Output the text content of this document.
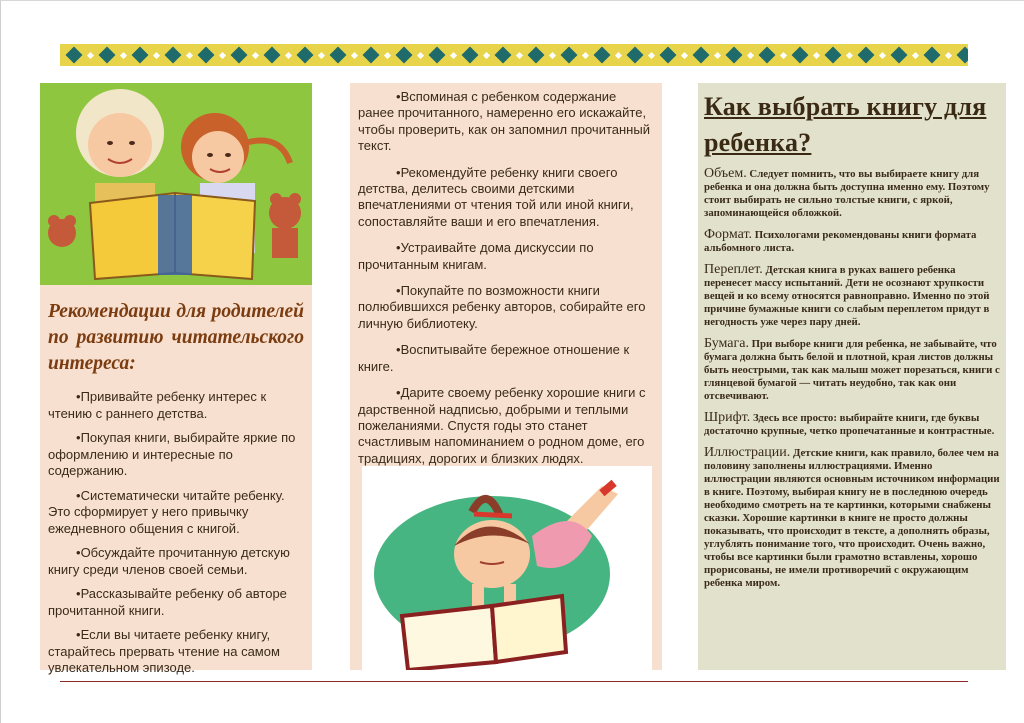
Рекомендации для родителей по развитию читательского интереса:

• Прививайте ребенку интерес к чтению с раннего детства.

• Покупая книги, выбирайте яркие по оформлению и интересные по содержанию.

• Систематически читайте ребенку. Это сформирует у него привычку ежедневного общения с книгой.

• Обсуждайте прочитанную детскую книгу среди членов своей семьи.

• Рассказывайте ребенку об авторе прочитанной книги.

• Если вы читаете ребенку книгу, старайтесь прервать чтение на самом увлекательном эпизоде.

• Вспоминая с ребенком содержание ранее прочитанного, намеренно его искажайте, чтобы проверить, как он запомнил прочитанный текст.

• Рекомендуйте ребенку книги своего детства, делитесь своими детскими впечатлениями от чтения той или иной книги, сопоставляйте ваши и его впечатления.

• Устраивайте дома дискуссии по прочитанным книгам.

• Покупайте по возможности книги полюбившихся ребенку авторов, собирайте его личную библиотеку.

• Воспитывайте бережное отношение к книге.

• Дарите своему ребенку хорошие книги с дарственной надписью, добрыми и теплыми пожеланиями. Спустя годы это станет счастливым напоминанием о родном доме, его традициях, дорогих и близких людях.

Как выбрать книгу для ребенка?
Объем. Следует помнить, что вы выбираете книгу для ребенка и она должна быть доступна именно ему. Поэтому стоит выбирать не сильно толстые книги, с яркой, запоминающейся обложкой.
Формат. Психологами рекомендованы книги формата альбомного листа.
Переплет. Детская книга в руках вашего ребенка перенесет массу испытаний. Дети не осознают хрупкости вещей и ко всему относятся равноправно. Именно по этой причине бумажные книги со слабым переплетом придут в негодность уже через пару дней.
Бумага. При выборе книги для ребенка, не забывайте, что бумага должна быть белой и плотной, края листов должны быть неострыми, так как малыш может порезаться, книги с глянцевой бумагой — читать неудобно, так как они отсвечивают.
Шрифт. Здесь все просто: выбирайте книги, где буквы достаточно крупные, четко пропечатанные и контрастные.
Иллюстрации. Детские книги, как правило, более чем на половину заполнены иллюстрациями. Именно иллюстрации являются основным источником информации в книге. Поэтому, выбирая книгу не в последнюю очередь необходимо смотреть на те картинки, которыми снабжены сказки. Хорошие картинки в книге не просто должны показывать, что происходит в тексте, а дополнять образы, углублять понимание того, что происходит. Очень важно, чтобы все картинки были грамотно вставлены, хорошо прорисованы, не имели противоречий с окружающим ребенка миром.
